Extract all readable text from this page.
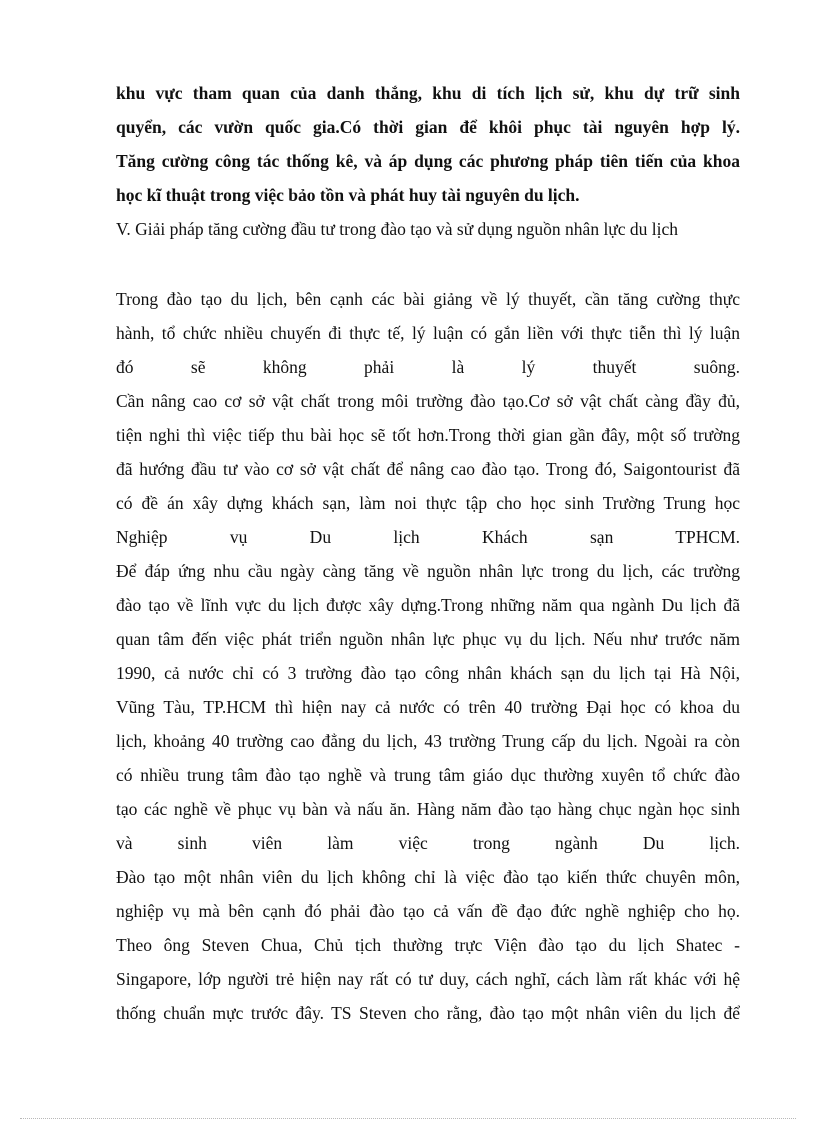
khu vực tham quan của danh thắng, khu di tích lịch sử, khu dự trữ sinh
quyển, các vườn quốc gia.Có thời gian để khôi phục tài nguyên hợp lý.
Tăng cường công tác thống kê, và áp dụng các phương pháp tiên tiến của khoa
học kĩ thuật trong việc bảo tồn và phát huy tài nguyên du lịch.
V. Giải pháp tăng cường đầu tư trong đào tạo và sử dụng nguồn nhân lực du lịch
Trong đào tạo du lịch, bên cạnh các bài giảng về lý thuyết, cần tăng cường thực
hành, tổ chức nhiều chuyến đi thực tế, lý luận có gắn liền với thực tiễn thì lý luận
đó sẽ không phải là lý thuyết suông.
Cần nâng cao cơ sở vật chất trong môi trường đào tạo.Cơ sở vật chất càng đầy đủ,
tiện nghi thì việc tiếp thu bài học sẽ tốt hơn.Trong thời gian gần đây, một số trường
đã hướng đầu tư vào cơ sở vật chất để nâng cao đào tạo. Trong đó, Saigontourist đã
có đề án xây dựng khách sạn, làm noi thực tập cho học sinh Trường Trung học
Nghiệp vụ Du lịch Khách sạn TPHCM.
Để đáp ứng nhu cầu ngày càng tăng về nguồn nhân lực trong du lịch, các trường
đào tạo về lĩnh vực du lịch được xây dựng.Trong những năm qua ngành Du lịch đã
quan tâm đến việc phát triển nguồn nhân lực phục vụ du lịch. Nếu như trước năm
1990, cả nước chỉ có 3 trường đào tạo công nhân khách sạn du lịch tại Hà Nội,
Vũng Tàu, TP.HCM thì hiện nay cả nước có trên 40 trường Đại học có khoa du
lịch, khoảng 40 trường cao đẳng du lịch, 43 trường Trung cấp du lịch. Ngoài ra còn
có nhiều trung tâm đào tạo nghề và trung tâm giáo dục thường xuyên tổ chức đào
tạo các nghề về phục vụ bàn và nấu ăn. Hàng năm đào tạo hàng chục ngàn học sinh
và sinh viên làm việc trong ngành Du lịch.
Đào tạo một nhân viên du lịch không chỉ là việc đào tạo kiến thức chuyên môn,
nghiệp vụ mà bên cạnh đó phải đào tạo cả vấn đề đạo đức nghề nghiệp cho họ.
Theo ông Steven Chua, Chủ tịch thường trực Viện đào tạo du lịch Shatec -
Singapore, lớp người trẻ hiện nay rất có tư duy, cách nghĩ, cách làm rất khác với hệ
thống chuẩn mực trước đây. TS Steven cho rằng, đào tạo một nhân viên du lịch để
